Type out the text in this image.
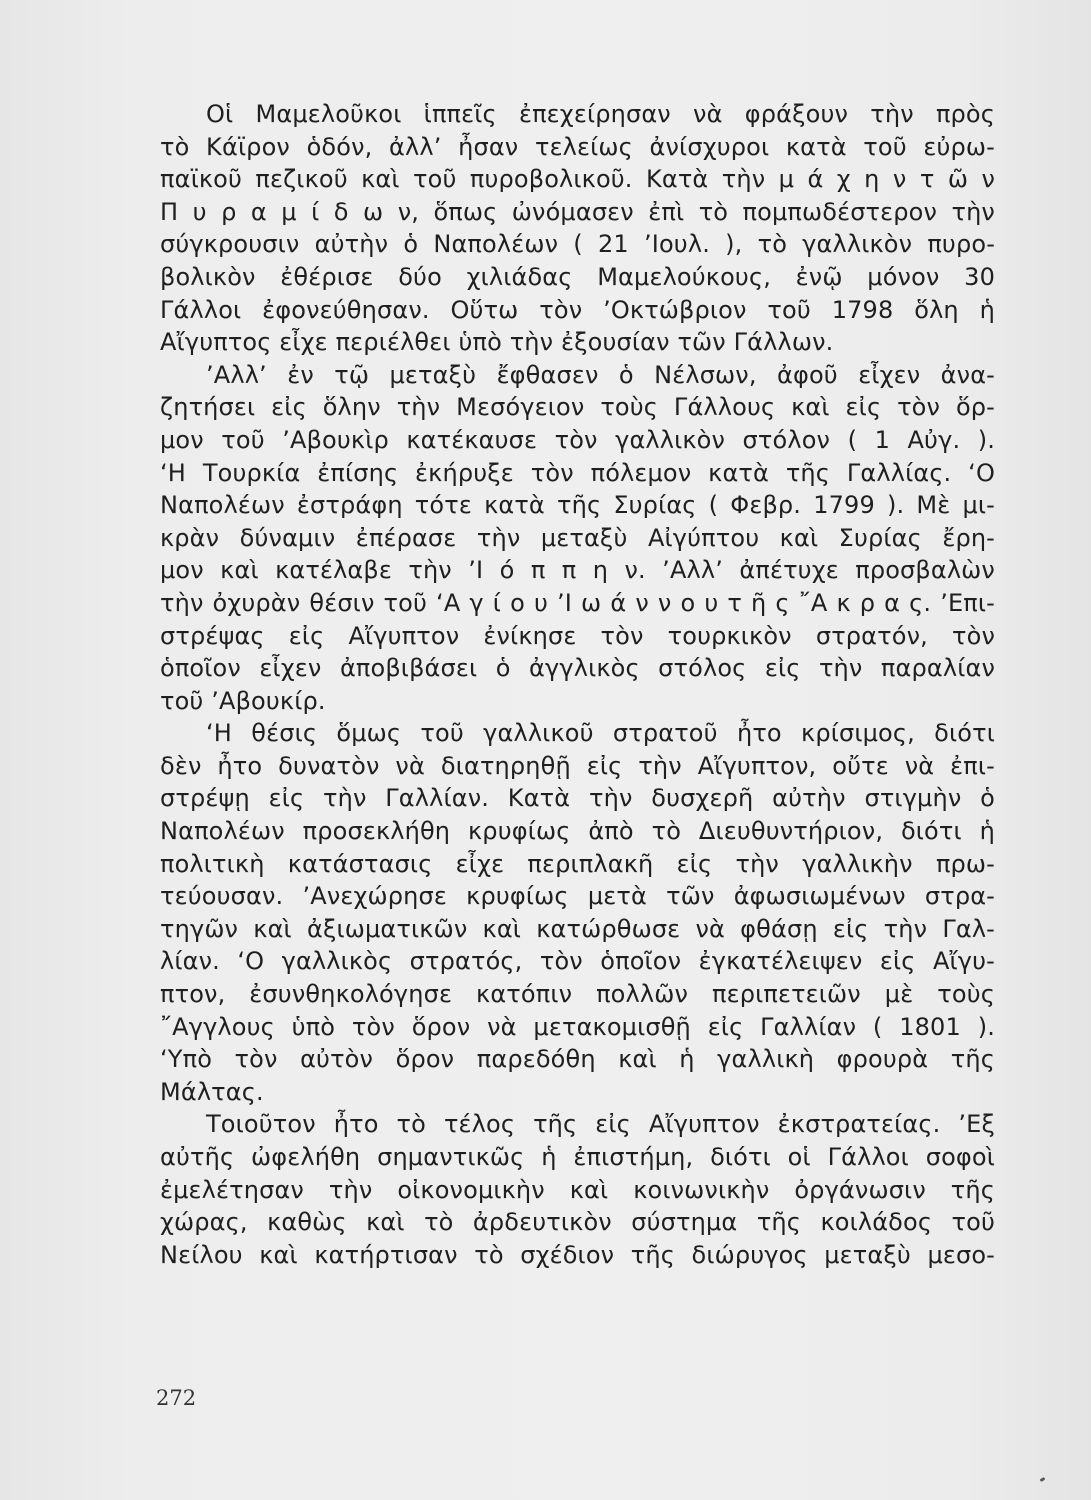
Οἱ Μαμελοῦκοι ἱππεῖς ἐπεχείρησαν νὰ φράξουν τὴν πρὸς
τὸ Κάϊρον ὁδόν, ἀλλ’ ἦσαν τελείως ἀνίσχυροι κατὰ τοῦ εὐρω-
παϊκοῦ πεζικοῦ καὶ τοῦ πυροβολικοῦ. Κατὰ τὴν μ ά χ η ν τ ῶ ν
Π υ ρ α μ ί δ ω ν, ὅπως ὠνόμασεν ἐπὶ τὸ πομπωδέστερον τὴν
σύγκρουσιν αὐτὴν ὁ Ναπολέων ( 21 ’Ιουλ. ), τὸ γαλλικὸν πυρο-
βολικὸν ἐθέρισε δύο χιλιάδας Μαμελούκους, ἐνῷ μόνον 30
Γάλλοι ἐφονεύθησαν. Οὕτω τὸν ’Οκτώβριον τοῦ 1798 ὅλη ἡ
Αἴγυπτος εἶχε περιέλθει ὑπὸ τὴν ἐξουσίαν τῶν Γάλλων.
’Αλλ’ ἐν τῷ μεταξὺ ἔφθασεν ὁ Νέλσων, ἀφοῦ εἶχεν ἀνα-
ζητήσει εἰς ὅλην τὴν Μεσόγειον τοὺς Γάλλους καὶ εἰς τὸν ὅρ-
μον τοῦ ’Αβουκὶρ κατέκαυσε τὸν γαλλικὸν στόλον ( 1 Αὐγ. ).
‘Η Τουρκία ἐπίσης ἐκήρυξε τὸν πόλεμον κατὰ τῆς Γαλλίας. ‘Ο
Ναπολέων ἐστράφη τότε κατὰ τῆς Συρίας ( Φεβρ. 1799 ). Μὲ μι-
κρὰν δύναμιν ἐπέρασε τὴν μεταξὺ Αἰγύπτου καὶ Συρίας ἔρη-
μον καὶ κατέλαβε τὴν ’Ι ό π π η ν. ’Αλλ’ ἀπέτυχε προσβαλὼν
τὴν ὀχυρὰν θέσιν τοῦ ‘Α γ ί ο υ ’Ι ω ά ν ν ο υ τ ῆ ς ῎Α κ ρ α ς. ’Επι-
στρέψας εἰς Αἴγυπτον ἐνίκησε τὸν τουρκικὸν στρατόν, τὸν
ὁποῖον εἶχεν ἀποβιβάσει ὁ ἀγγλικὸς στόλος εἰς τὴν παραλίαν
τοῦ ’Αβουκίρ.
‘Η θέσις ὅμως τοῦ γαλλικοῦ στρατοῦ ἦτο κρίσιμος, διότι
δὲν ἦτο δυνατὸν νὰ διατηρηθῇ εἰς τὴν Αἴγυπτον, οὔτε νὰ ἐπι-
στρέψῃ εἰς τὴν Γαλλίαν. Κατὰ τὴν δυσχερῆ αὐτὴν στιγμὴν ὁ
Ναπολέων προσεκλήθη κρυφίως ἀπὸ τὸ Διευθυντήριον, διότι ἡ
πολιτικὴ κατάστασις εἶχε περιπλακῆ εἰς τὴν γαλλικὴν πρω-
τεύουσαν. ’Ανεχώρησε κρυφίως μετὰ τῶν ἀφωσιωμένων στρα-
τηγῶν καὶ ἀξιωματικῶν καὶ κατώρθωσε νὰ φθάσῃ εἰς τὴν Γαλ-
λίαν. ‘Ο γαλλικὸς στρατός, τὸν ὁποῖον ἐγκατέλειψεν εἰς Αἴγυ-
πτον, ἐσυνθηκολόγησε κατόπιν πολλῶν περιπετειῶν μὲ τοὺς
῎Αγγλους ὑπὸ τὸν ὅρον νὰ μετακομισθῇ εἰς Γαλλίαν ( 1801 ).
‘Υπὸ τὸν αὐτὸν ὅρον παρεδόθη καὶ ἡ γαλλικὴ φρουρὰ τῆς
Μάλτας.
Τοιοῦτον ἦτο τὸ τέλος τῆς εἰς Αἴγυπτον ἐκστρατείας. ’Εξ
αὐτῆς ὠφελήθη σημαντικῶς ἡ ἐπιστήμη, διότι οἱ Γάλλοι σοφοὶ
ἐμελέτησαν τὴν οἰκονομικὴν καὶ κοινωνικὴν ὀργάνωσιν τῆς
χώρας, καθὼς καὶ τὸ ἀρδευτικὸν σύστημα τῆς κοιλάδος τοῦ
Νείλου καὶ κατήρτισαν τὸ σχέδιον τῆς διώρυγος μεταξὺ μεσο-
272
